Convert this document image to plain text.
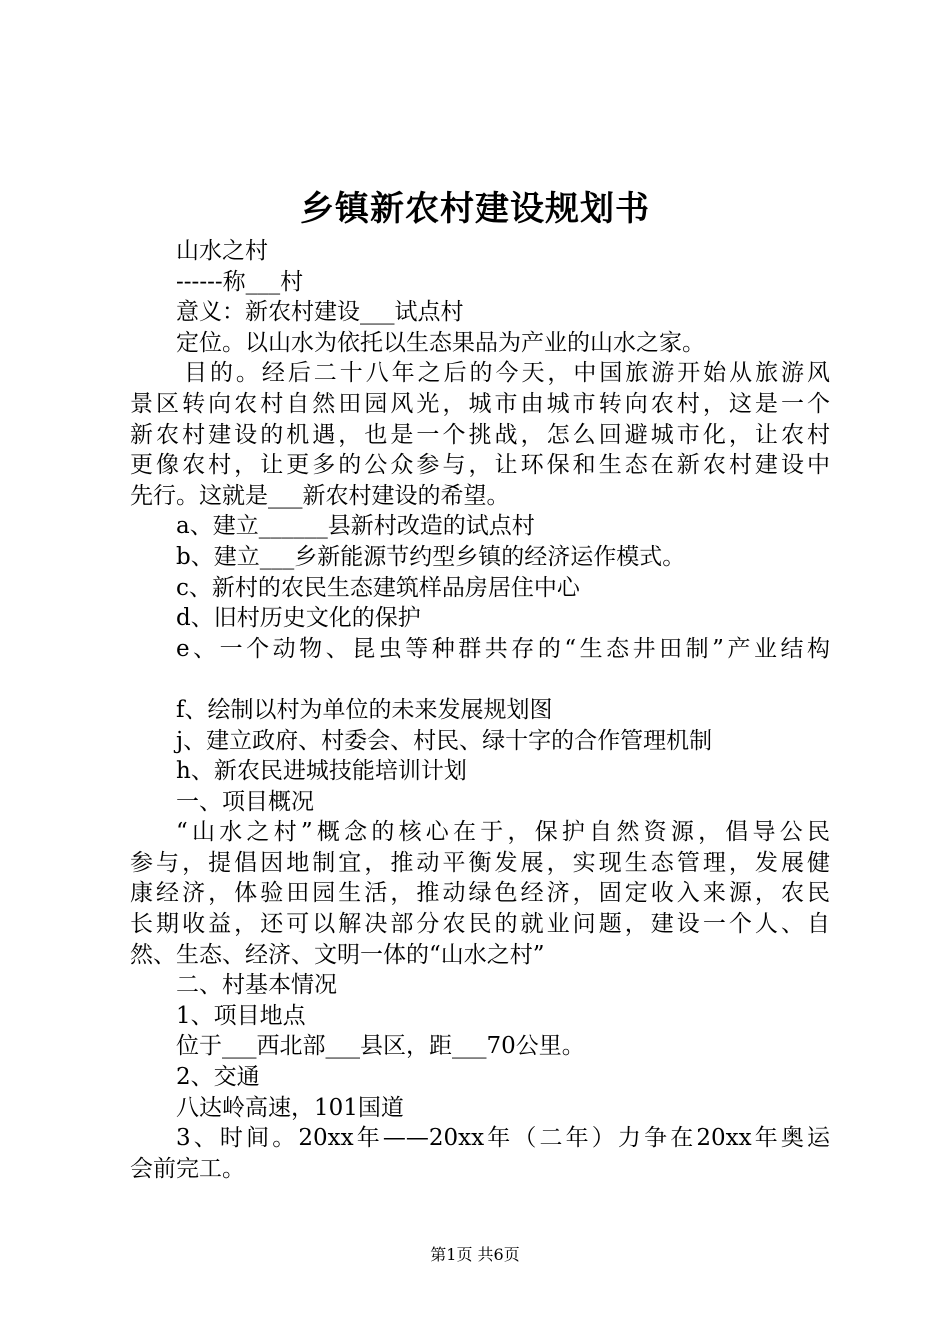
乡镇新农村建设规划书
山水之村
------称___村
意义：新农村建设___试点村
定位。以山水为依托以生态果品为产业的山水之家。
目的。经后二十八年之后的今天，中国旅游开始从旅游风
景区转向农村自然田园风光，城市由城市转向农村，这是一个
新农村建设的机遇，也是一个挑战，怎么回避城市化，让农村
更像农村，让更多的公众参与，让环保和生态在新农村建设中
先行。这就是___新农村建设的希望。
a、建立______县新村改造的试点村
b、建立___乡新能源节约型乡镇的经济运作模式。
c、新村的农民生态建筑样品房居住中心
d、旧村历史文化的保护
e、一个动物、昆虫等种群共存的“生态井田制”产业结构
f、绘制以村为单位的未来发展规划图
j、建立政府、村委会、村民、绿十字的合作管理机制
h、新农民进城技能培训计划
一、项目概况
“山水之村”概念的核心在于，保护自然资源，倡导公民
参与，提倡因地制宜，推动平衡发展，实现生态管理，发展健
康经济，体验田园生活，推动绿色经济，固定收入来源，农民
长期收益，还可以解决部分农民的就业问题，建设一个人、自
然、生态、经济、文明一体的“山水之村”
二、村基本情况
1、项目地点
位于___西北部___县区，距___70公里。
2、交通
八达岭高速，101国道
3、时间。20xx年——20xx年（二年）力争在20xx年奥运
会前完工。
第1页 共6页
